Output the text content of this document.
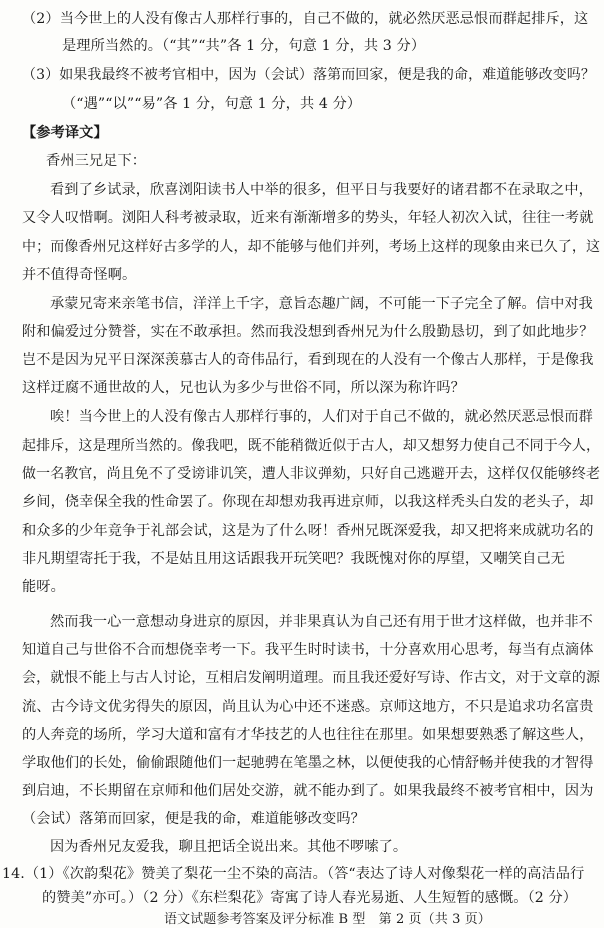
（2）当今世上的人没有像古人那样行事的，自己不做的，就必然厌恶忌恨而群起排斥，这
是理所当然的。（“其”“共”各 1 分，句意 1 分，共 3 分）
（3）如果我最终不被考官相中，因为（会试）落第而回家，便是我的命，难道能够改变吗？
（“遇”“以”“易”各 1 分，句意 1 分，共 4 分）
【参考译文】
香州三兄足下：
看到了乡试录，欣喜浏阳读书人中举的很多，但平日与我要好的诸君都不在录取之中，
又令人叹惜啊。浏阳人科考被录取，近来有渐渐增多的势头，年轻人初次入试，往往一考就
中；而像香州兄这样好古多学的人，却不能够与他们并列，考场上这样的现象由来已久了，这
并不值得奇怪啊。
承蒙兄寄来亲笔书信，洋洋上千字，意旨态趣广阔，不可能一下子完全了解。信中对我
附和偏爱过分赞誉，实在不敢承担。然而我没想到香州兄为什么殷勤恳切，到了如此地步？
岂不是因为兄平日深深羡慕古人的奇伟品行，看到现在的人没有一个像古人那样，于是像我
这样迂腐不通世故的人，兄也认为多少与世俗不同，所以深为称许吗？
唉！当今世上的人没有像古人那样行事的，人们对于自己不做的，就必然厌恶忌恨而群
起排斥，这是理所当然的。像我吧，既不能稍微近似于古人，却又想努力使自己不同于今人，
做一名教官，尚且免不了受谤诽讥笑，遭人非议弹劾，只好自己逃避开去，这样仅仅能够终老
乡间，侥幸保全我的性命罢了。你现在却想劝我再进京师，以我这样秃头白发的老头子，却
和众多的少年竞争于礼部会试，这是为了什么呀！香州兄既深爱我，却又把将来成就功名的
非凡期望寄托于我，不是姑且用这话跟我开玩笑吧？我既愧对你的厚望，又嘲笑自己无
能呀。
然而我一心一意想动身进京的原因，并非果真认为自己还有用于世才这样做，也并非不
知道自己与世俗不合而想侥幸考一下。我平生时时读书，十分喜欢用心思考，每当有点滴体
会，就恨不能上与古人讨论，互相启发阐明道理。而且我还爱好写诗、作古文，对于文章的源
流、古今诗文优劣得失的原因，尚且认为心中还不迷惑。京师这地方，不只是追求功名富贵
的人奔竞的场所，学习大道和富有才华技艺的人也往往在那里。如果想要熟悉了解这些人，
学取他们的长处，偷偷跟随他们一起驰骋在笔墨之林，以便使我的心情舒畅并使我的才智得
到启迪，不长期留在京师和他们居处交游，就不能办到了。如果我最终不被考官相中，因为
（会试）落第而回家，便是我的命，难道能够改变吗？
因为香州兄友爱我，聊且把话全说出来。其他不啰嗦了。
14.（1）《次韵梨花》赞美了梨花一尘不染的高洁。（答“表达了诗人对像梨花一样的高洁品行
的赞美”亦可。）（2 分）《东栏梨花》寄寓了诗人春光易逝、人生短暂的感慨。（2 分）
语文试题参考答案及评分标准 B 型　第 2 页（共 3 页）
